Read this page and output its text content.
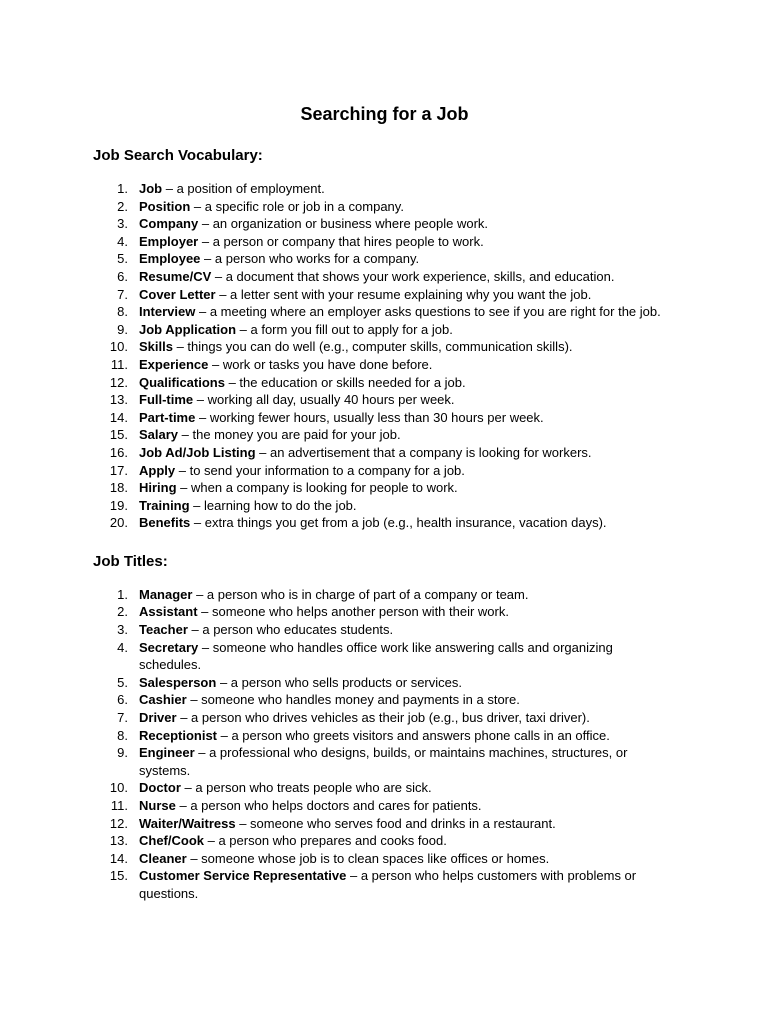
Searching for a Job
Job Search Vocabulary:
1. Job – a position of employment.
2. Position – a specific role or job in a company.
3. Company – an organization or business where people work.
4. Employer – a person or company that hires people to work.
5. Employee – a person who works for a company.
6. Resume/CV – a document that shows your work experience, skills, and education.
7. Cover Letter – a letter sent with your resume explaining why you want the job.
8. Interview – a meeting where an employer asks questions to see if you are right for the job.
9. Job Application – a form you fill out to apply for a job.
10. Skills – things you can do well (e.g., computer skills, communication skills).
11. Experience – work or tasks you have done before.
12. Qualifications – the education or skills needed for a job.
13. Full-time – working all day, usually 40 hours per week.
14. Part-time – working fewer hours, usually less than 30 hours per week.
15. Salary – the money you are paid for your job.
16. Job Ad/Job Listing – an advertisement that a company is looking for workers.
17. Apply – to send your information to a company for a job.
18. Hiring – when a company is looking for people to work.
19. Training – learning how to do the job.
20. Benefits – extra things you get from a job (e.g., health insurance, vacation days).
Job Titles:
1. Manager – a person who is in charge of part of a company or team.
2. Assistant – someone who helps another person with their work.
3. Teacher – a person who educates students.
4. Secretary – someone who handles office work like answering calls and organizing schedules.
5. Salesperson – a person who sells products or services.
6. Cashier – someone who handles money and payments in a store.
7. Driver – a person who drives vehicles as their job (e.g., bus driver, taxi driver).
8. Receptionist – a person who greets visitors and answers phone calls in an office.
9. Engineer – a professional who designs, builds, or maintains machines, structures, or systems.
10. Doctor – a person who treats people who are sick.
11. Nurse – a person who helps doctors and cares for patients.
12. Waiter/Waitress – someone who serves food and drinks in a restaurant.
13. Chef/Cook – a person who prepares and cooks food.
14. Cleaner – someone whose job is to clean spaces like offices or homes.
15. Customer Service Representative – a person who helps customers with problems or questions.
